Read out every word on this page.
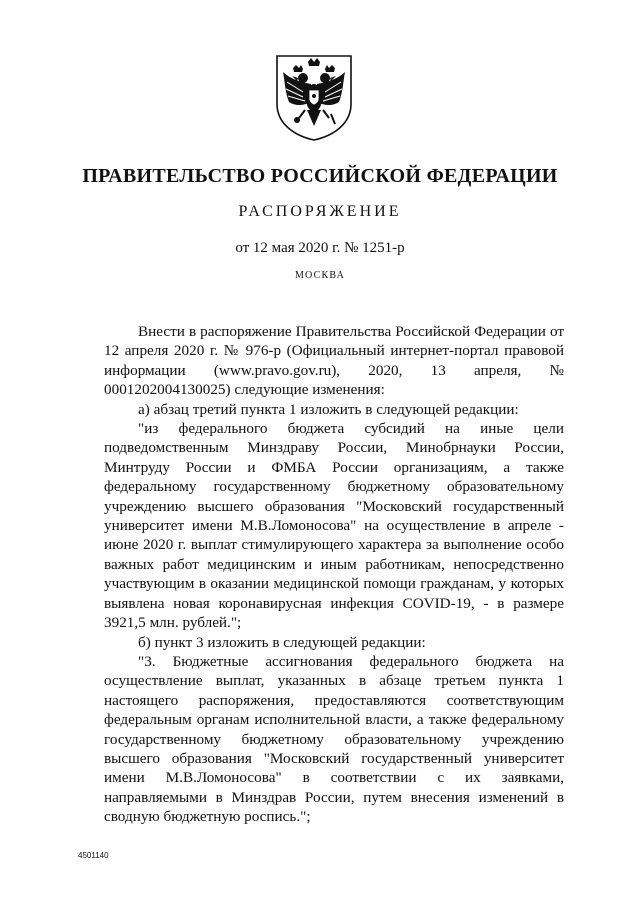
ПРАВИТЕЛЬСТВО РОССИЙСКОЙ ФЕДЕРАЦИИ
РАСПОРЯЖЕНИЕ
от 12 мая 2020 г. № 1251-р
МОСКВА

Внести в распоряжение Правительства Российской Федерации от 12 апреля 2020 г. № 976-р (Официальный интернет-портал правовой информации (www.pravo.gov.ru), 2020, 13 апреля, № 0001202004130025) следующие изменения:

а) абзац третий пункта 1 изложить в следующей редакции:

"из федерального бюджета субсидий на иные цели подведомственным Минздраву России, Минобрнауки России, Минтруду России и ФМБА России организациям, а также федеральному государственному бюджетному образовательному учреждению высшего образования "Московский государственный университет имени М.В.Ломоносова" на осуществление в апреле - июне 2020 г. выплат стимулирующего характера за выполнение особо важных работ медицинским и иным работникам, непосредственно участвующим в оказании медицинской помощи гражданам, у которых выявлена новая коронавирусная инфекция COVID-19, - в размере 3921,5 млн. рублей.";

б) пункт 3 изложить в следующей редакции:

"3. Бюджетные ассигнования федерального бюджета на осуществление выплат, указанных в абзаце третьем пункта 1 настоящего распоряжения, предоставляются соответствующим федеральным органам исполнительной власти, а также федеральному государственному бюджетному образовательному учреждению высшего образования "Московский государственный университет имени М.В.Ломоносова" в соответствии с их заявками, направляемыми в Минздрав России, путем внесения изменений в сводную бюджетную роспись.";

4501140
